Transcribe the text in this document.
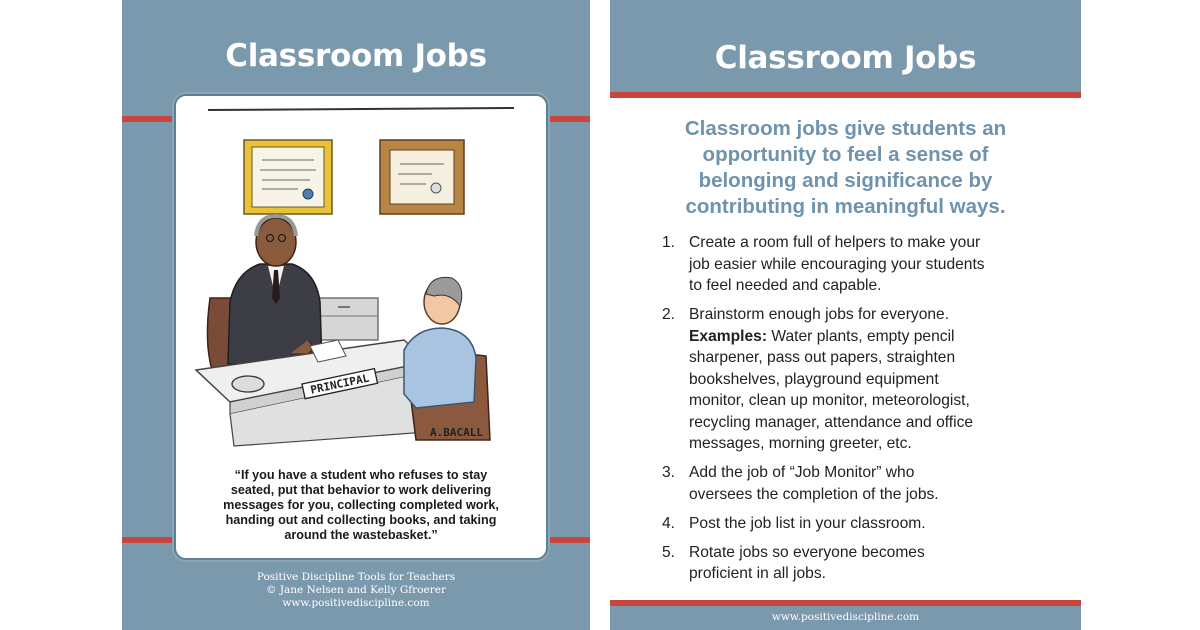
Classroom Jobs
PRINCIPAL
A.BACALL
“If you have a student who refuses to stay
seated, put that behavior to work delivering
messages for you, collecting completed work,
handing out and collecting books, and taking
around the wastebasket.”
Positive Discipline Tools for Teachers
© Jane Nelsen and Kelly Gfroerer
www.positivediscipline.com
Classroom Jobs
Classroom jobs give students an
opportunity to feel a sense of
belonging and significance by
contributing in meaningful ways.
1. Create a room full of helpers to make your
job easier while encouraging your students
to feel needed and capable.
2. Brainstorm enough jobs for everyone.
Examples: Water plants, empty pencil
sharpener, pass out papers, straighten
bookshelves, playground equipment
monitor, clean up monitor, meteorologist,
recycling manager, attendance and office
messages, morning greeter, etc.
3. Add the job of “Job Monitor” who
oversees the completion of the jobs.
4. Post the job list in your classroom.
5. Rotate jobs so everyone becomes
proficient in all jobs.
www.positivediscipline.com
